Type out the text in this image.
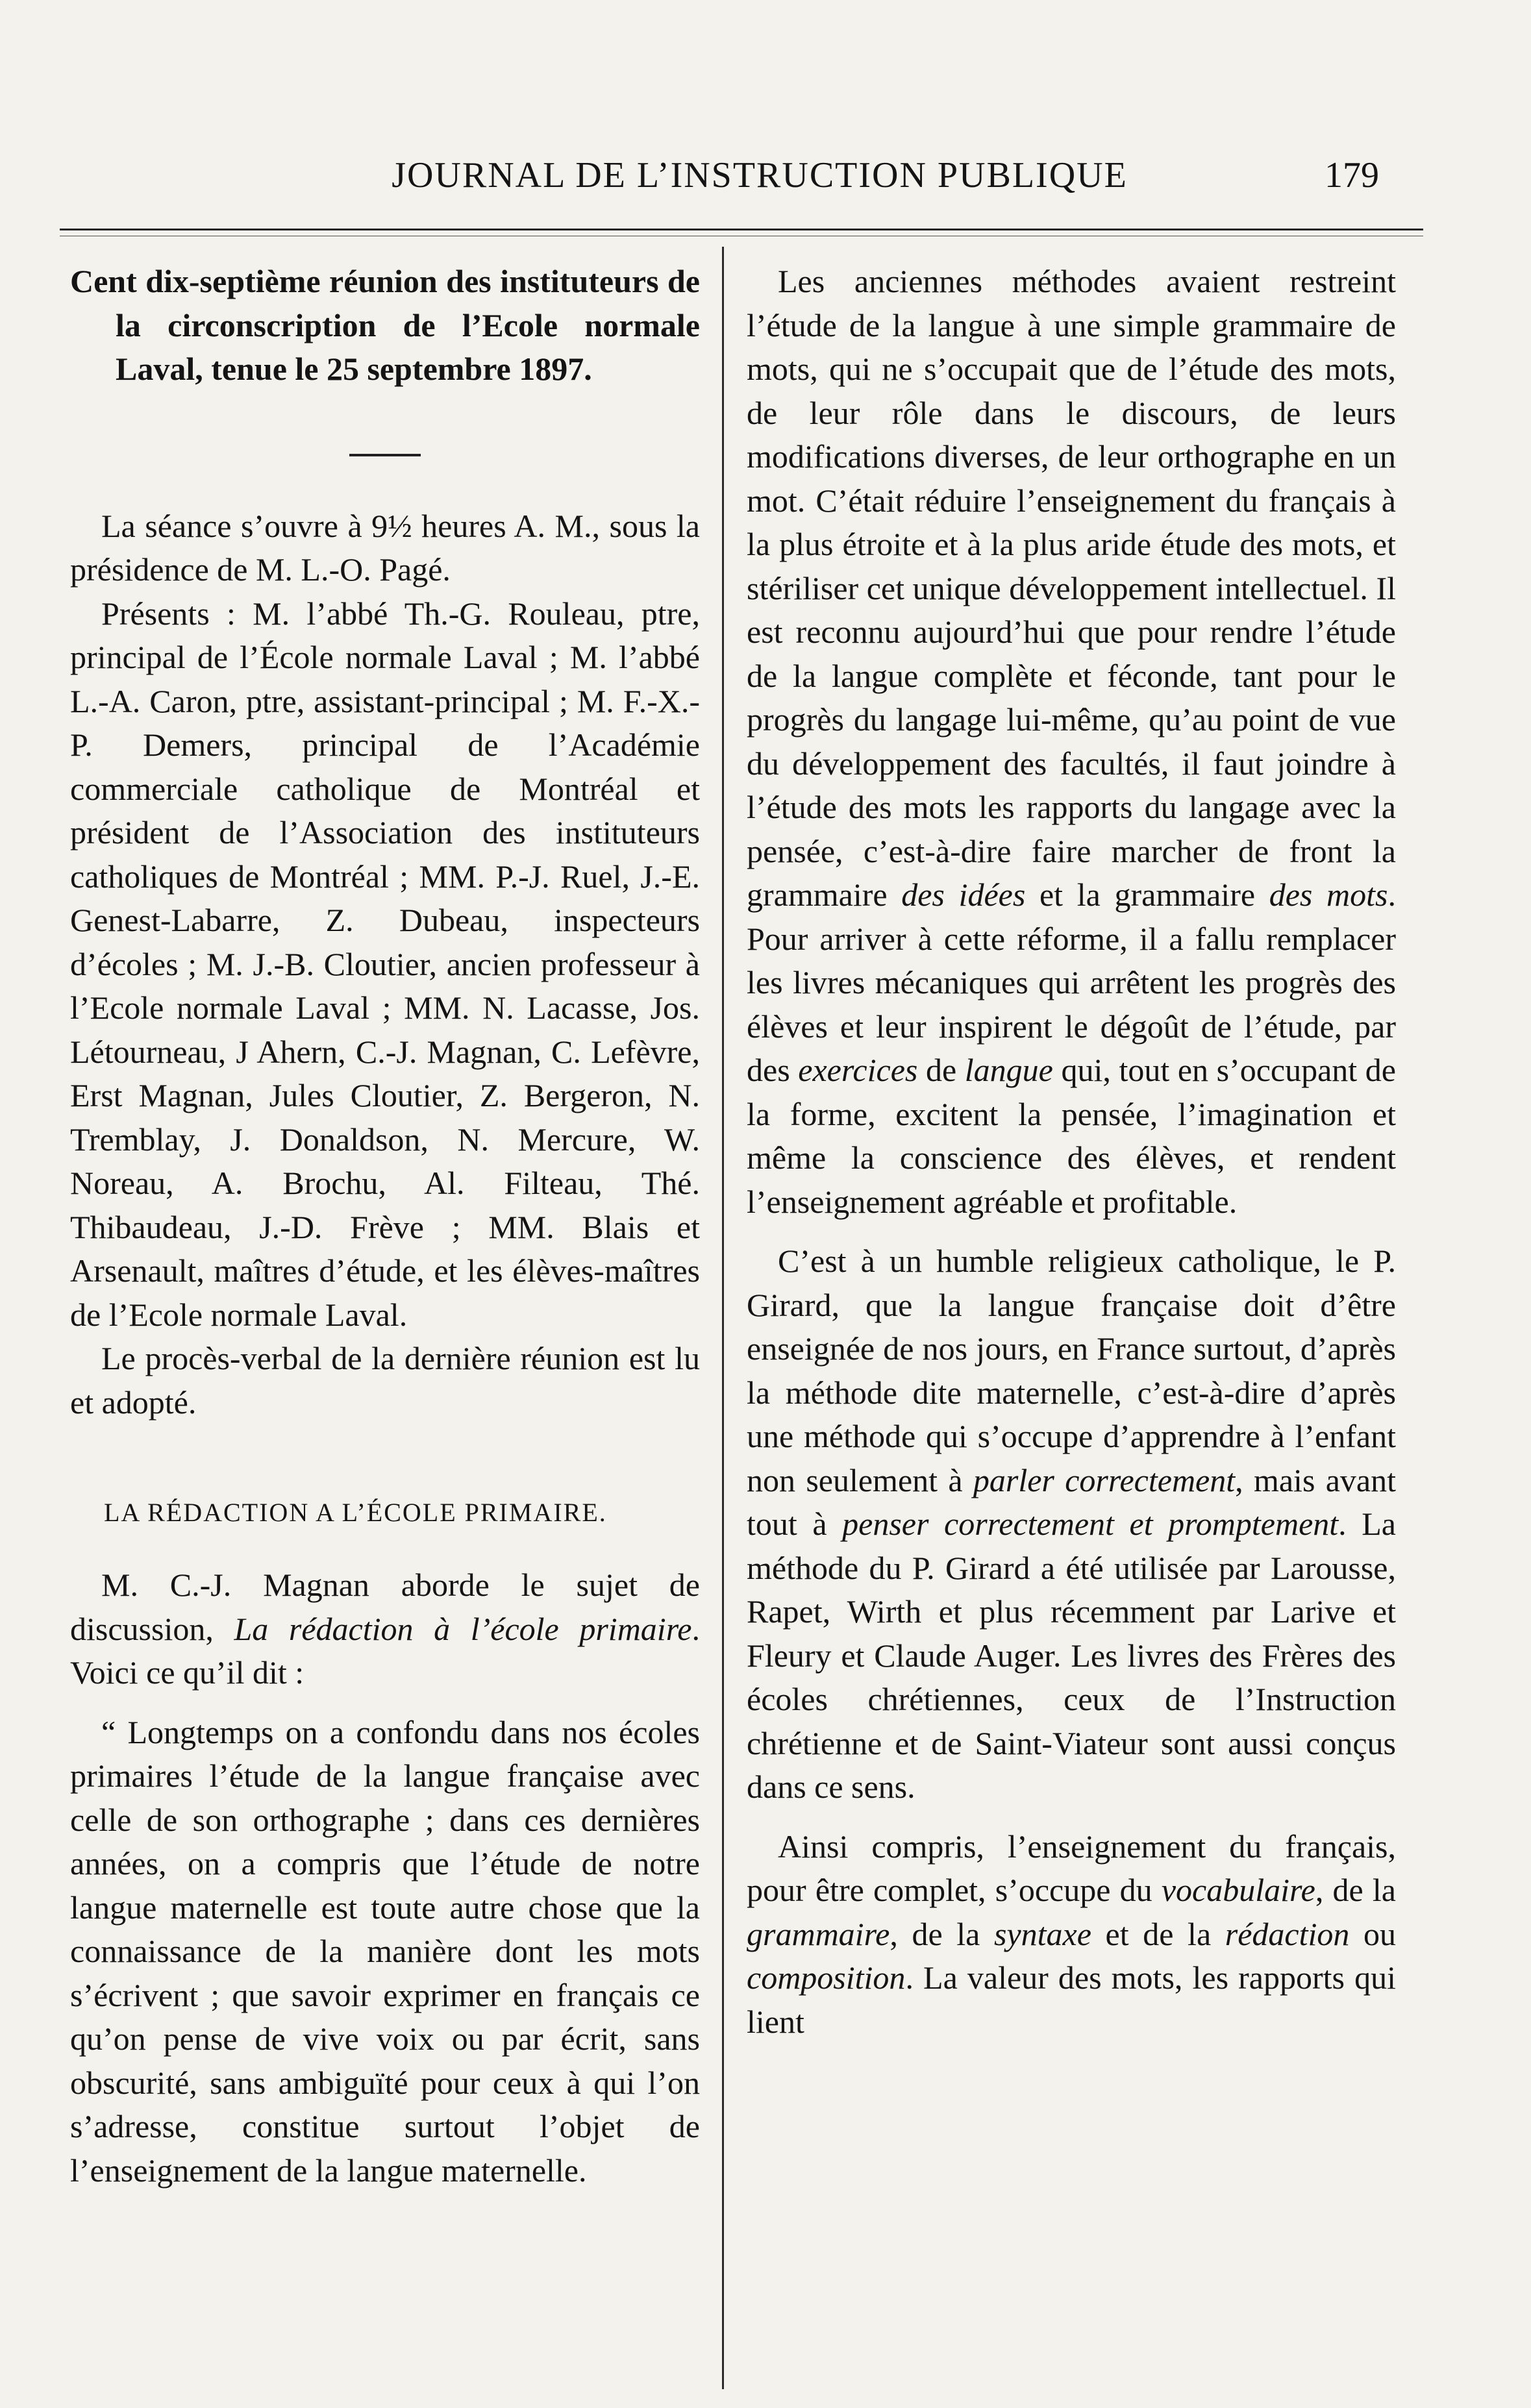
JOURNAL DE L’INSTRUCTION PUBLIQUE	179

Cent dix-septième réunion des instituteurs de la circonscription de l’Ecole normale Laval, tenue le 25 septembre 1897.

La séance s’ouvre à 9½ heures A. M., sous la présidence de M. L.-O. Pagé.

Présents : M. l’abbé Th.-G. Rouleau, ptre, principal de l’École normale Laval ; M. l’abbé L.-A. Caron, ptre, assistant-principal ; M. F.-X.-P. Demers, principal de l’Académie commerciale catholique de Montréal et président de l’Association des instituteurs catholiques de Montréal ; MM. P.-J. Ruel, J.-E. Genest-Labarre, Z. Dubeau, inspecteurs d’écoles ; M. J.-B. Cloutier, ancien professeur à l’Ecole normale Laval ; MM. N. Lacasse, Jos. Létourneau, J Ahern, C.-J. Magnan, C. Lefèvre, Erst Magnan, Jules Cloutier, Z. Bergeron, N. Tremblay, J. Donaldson, N. Mercure, W. Noreau, A. Brochu, Al. Filteau, Thé. Thibaudeau, J.-D. Frève ; MM. Blais et Arsenault, maîtres d’étude, et les élèves-maîtres de l’Ecole normale Laval.

Le procès-verbal de la dernière réunion est lu et adopté.

LA RÉDACTION A L’ÉCOLE PRIMAIRE.

M. C.-J. Magnan aborde le sujet de discussion, La rédaction à l’école primaire. Voici ce qu’il dit :

“ Longtemps on a confondu dans nos écoles primaires l’étude de la langue française avec celle de son orthographe ; dans ces dernières années, on a compris que l’étude de notre langue maternelle est toute autre chose que la connaissance de la manière dont les mots s’écrivent ; que savoir exprimer en français ce qu’on pense de vive voix ou par écrit, sans obscurité, sans ambiguïté pour ceux à qui l’on s’adresse, constitue surtout l’objet de l’enseignement de la langue maternelle.

Les anciennes méthodes avaient restreint l’étude de la langue à une simple grammaire de mots, qui ne s’occupait que de l’étude des mots, de leur rôle dans le discours, de leurs modifications diverses, de leur orthographe en un mot. C’était réduire l’enseignement du français à la plus étroite et à la plus aride étude des mots, et stériliser cet unique développement intellectuel. Il est reconnu aujourd’hui que pour rendre l’étude de la langue complète et féconde, tant pour le progrès du langage lui-même, qu’au point de vue du développement des facultés, il faut joindre à l’étude des mots les rapports du langage avec la pensée, c’est-à-dire faire marcher de front la grammaire des idées et la grammaire des mots. Pour arriver à cette réforme, il a fallu remplacer les livres mécaniques qui arrêtent les progrès des élèves et leur inspirent le dégoût de l’étude, par des exercices de langue qui, tout en s’occupant de la forme, excitent la pensée, l’imagination et même la conscience des élèves, et rendent l’enseignement agréable et profitable.

C’est à un humble religieux catholique, le P. Girard, que la langue française doit d’être enseignée de nos jours, en France surtout, d’après la méthode dite maternelle, c’est-à-dire d’après une méthode qui s’occupe d’apprendre à l’enfant non seulement à parler correctement, mais avant tout à penser correctement et promptement. La méthode du P. Girard a été utilisée par Larousse, Rapet, Wirth et plus récemment par Larive et Fleury et Claude Auger. Les livres des Frères des écoles chrétiennes, ceux de l’Instruction chrétienne et de Saint-Viateur sont aussi conçus dans ce sens.

Ainsi compris, l’enseignement du français, pour être complet, s’occupe du vocabulaire, de la grammaire, de la syntaxe et de la rédaction ou composition. La valeur des mots, les rapports qui lient
